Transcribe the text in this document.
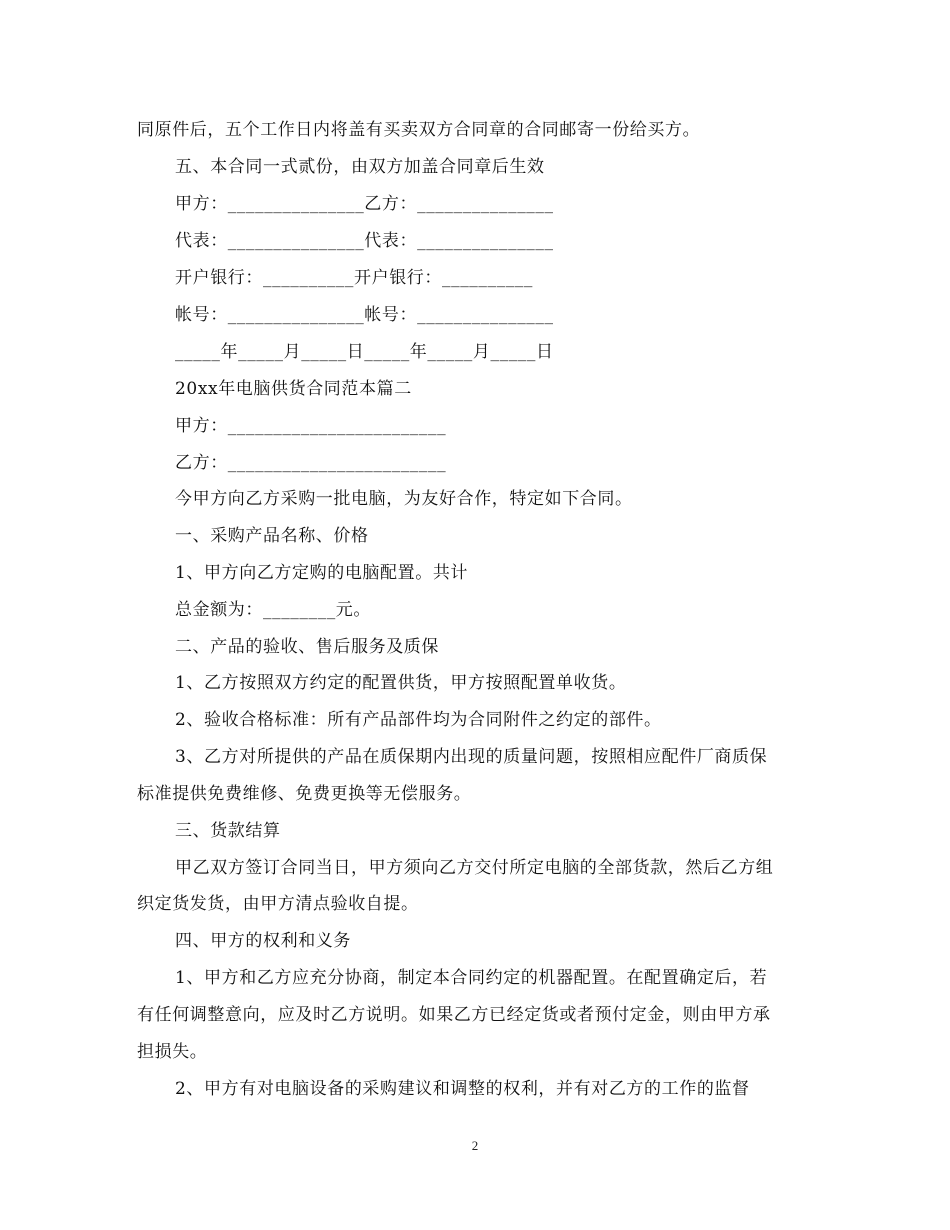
同原件后，五个工作日内将盖有买卖双方合同章的合同邮寄一份给买方。
五、本合同一式贰份，由双方加盖合同章后生效
甲方：_______________乙方：_______________
代表：_______________代表：_______________
开户银行：__________开户银行：__________
帐号：_______________帐号：_______________
_____年_____月_____日_____年_____月_____日
20xx年电脑供货合同范本篇二
甲方：________________________
乙方：________________________
今甲方向乙方采购一批电脑，为友好合作，特定如下合同。
一、采购产品名称、价格
1、甲方向乙方定购的电脑配置。共计
总金额为：________元。
二、产品的验收、售后服务及质保
1、乙方按照双方约定的配置供货，甲方按照配置单收货。
2、验收合格标准：所有产品部件均为合同附件之约定的部件。
3、乙方对所提供的产品在质保期内出现的质量问题，按照相应配件厂商质保
标准提供免费维修、免费更换等无偿服务。
三、货款结算
甲乙双方签订合同当日，甲方须向乙方交付所定电脑的全部货款，然后乙方组
织定货发货，由甲方清点验收自提。
四、甲方的权利和义务
1、甲方和乙方应充分协商，制定本合同约定的机器配置。在配置确定后，若
有任何调整意向，应及时乙方说明。如果乙方已经定货或者预付定金，则由甲方承
担损失。
2、甲方有对电脑设备的采购建议和调整的权利，并有对乙方的工作的监督
2
